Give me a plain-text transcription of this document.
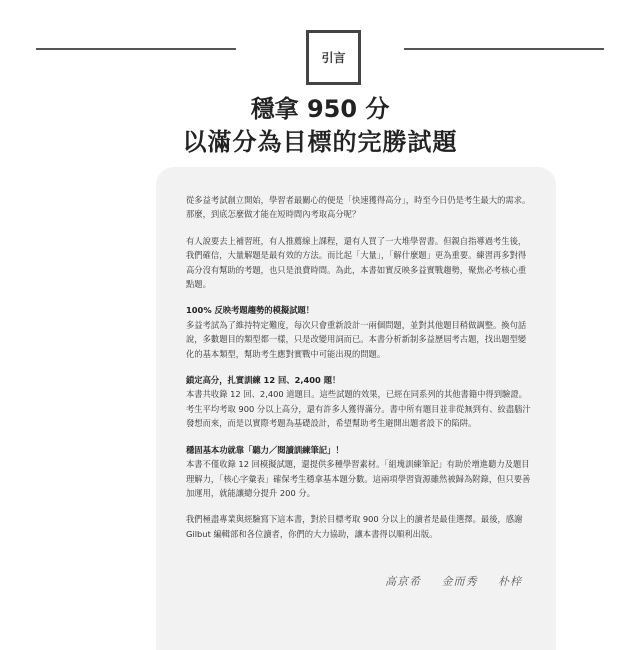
引言
穩拿 950 分
以滿分為目標的完勝試題

從多益考試創立開始，學習者最關心的便是「快速獲得高分」，時至今日仍是考生最大的需求。那麼，到底怎麼做才能在短時間內考取高分呢？

有人說要去上補習班，有人推薦線上課程，還有人買了一大堆學習書。但親自指導過考生後，我們確信，大量解題是最有效的方法。而比起「大量」，「解什麼題」更為重要。練習再多對得高分沒有幫助的考題，也只是浪費時間。為此，本書如實反映多益實戰趨勢，聚焦必考核心重點題。

100% 反映考題趨勢的模擬試題！
多益考試為了維持特定難度，每次只會重新設計一兩個問題，並對其他題目稍做調整。換句話說，多數題目的類型都一樣，只是改變用詞而已。本書分析新制多益歷屆考古題，找出題型變化的基本類型，幫助考生應對實戰中可能出現的問題。

鎖定高分，扎實訓練 12 回、2,400 題！
本書共收錄 12 回、2,400 道題目。這些試題的效果，已經在同系列的其他書籍中得到驗證。考生平均考取 900 分以上高分，還有許多人獲得滿分。書中所有題目並非從無到有、絞盡腦汁發想而來，而是以實際考題為基礎設計，希望幫助考生避開出題者設下的陷阱。

穩固基本功就靠「聽力／閱讀訓練筆記」！
本書不僅收錄 12 回模擬試題，還提供多種學習素材。「組塊訓練筆記」有助於增進聽力及題目理解力，「核心字彙表」確保考生穩拿基本題分數。這兩項學習資源雖然被歸為附錄，但只要善加運用，就能讓總分提升 200 分。

我們極盡專業與經驗寫下這本書，對於目標考取 900 分以上的讀者是最佳選擇。最後，感謝 Gilbut 編輯部和各位讀者，你們的大力協助，讓本書得以順利出版。

高京希 金而秀 朴梓
